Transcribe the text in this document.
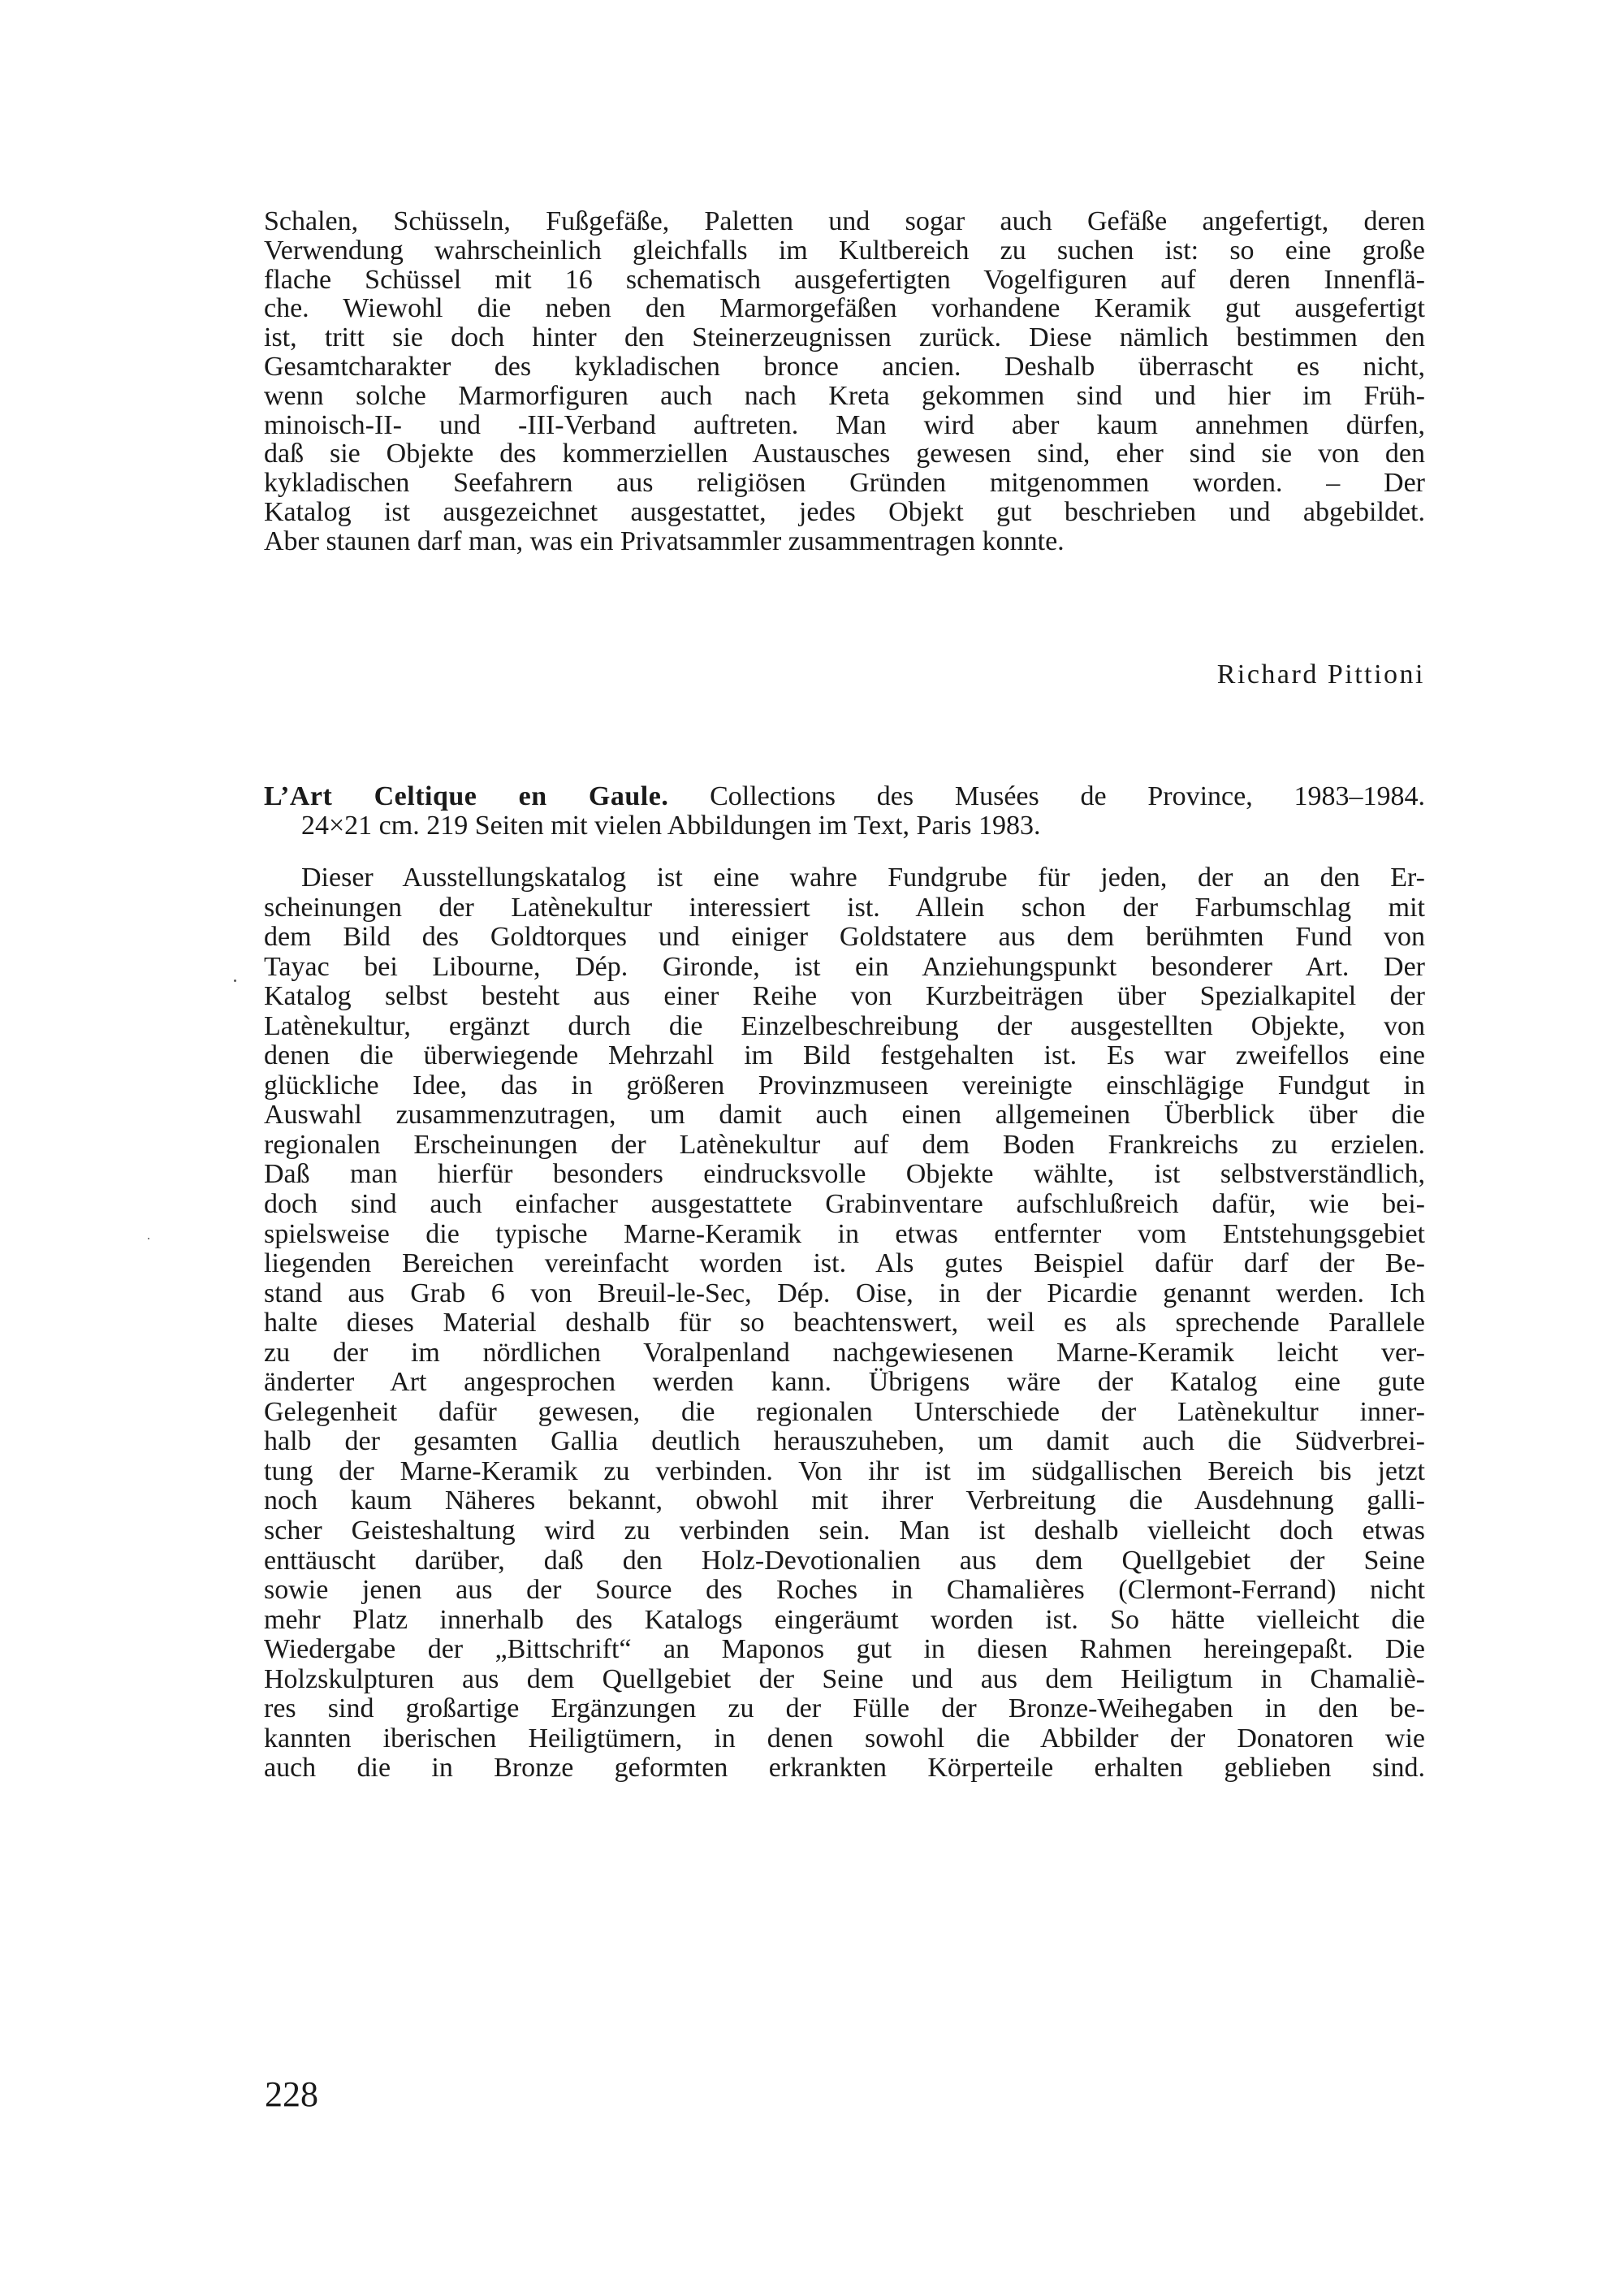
Schalen, Schüsseln, Fußgefäße, Paletten und sogar auch Gefäße angefertigt, deren
Verwendung wahrscheinlich gleichfalls im Kultbereich zu suchen ist: so eine große
flache Schüssel mit 16 schematisch ausgefertigten Vogelfiguren auf deren Innenflä-
che. Wiewohl die neben den Marmorgefäßen vorhandene Keramik gut ausgefertigt
ist, tritt sie doch hinter den Steinerzeugnissen zurück. Diese nämlich bestimmen den
Gesamtcharakter des kykladischen bronce ancien. Deshalb überrascht es nicht,
wenn solche Marmorfiguren auch nach Kreta gekommen sind und hier im Früh-
minoisch-II- und -III-Verband auftreten. Man wird aber kaum annehmen dürfen,
daß sie Objekte des kommerziellen Austausches gewesen sind, eher sind sie von den
kykladischen Seefahrern aus religiösen Gründen mitgenommen worden. – Der
Katalog ist ausgezeichnet ausgestattet, jedes Objekt gut beschrieben und abgebildet.
Aber staunen darf man, was ein Privatsammler zusammentragen konnte.
Richard Pittioni
L’Art Celtique en Gaule. Collections des Musées de Province, 1983–1984.
24×21 cm. 219 Seiten mit vielen Abbildungen im Text, Paris 1983.
Dieser Ausstellungskatalog ist eine wahre Fundgrube für jeden, der an den Er-
scheinungen der Latènekultur interessiert ist. Allein schon der Farbumschlag mit
dem Bild des Goldtorques und einiger Goldstatere aus dem berühmten Fund von
Tayac bei Libourne, Dép. Gironde, ist ein Anziehungspunkt besonderer Art. Der
Katalog selbst besteht aus einer Reihe von Kurzbeiträgen über Spezialkapitel der
Latènekultur, ergänzt durch die Einzelbeschreibung der ausgestellten Objekte, von
denen die überwiegende Mehrzahl im Bild festgehalten ist. Es war zweifellos eine
glückliche Idee, das in größeren Provinzmuseen vereinigte einschlägige Fundgut in
Auswahl zusammenzutragen, um damit auch einen allgemeinen Überblick über die
regionalen Erscheinungen der Latènekultur auf dem Boden Frankreichs zu erzielen.
Daß man hierfür besonders eindrucksvolle Objekte wählte, ist selbstverständlich,
doch sind auch einfacher ausgestattete Grabinventare aufschlußreich dafür, wie bei-
spielsweise die typische Marne-Keramik in etwas entfernter vom Entstehungsgebiet
liegenden Bereichen vereinfacht worden ist. Als gutes Beispiel dafür darf der Be-
stand aus Grab 6 von Breuil-le-Sec, Dép. Oise, in der Picardie genannt werden. Ich
halte dieses Material deshalb für so beachtenswert, weil es als sprechende Parallele
zu der im nördlichen Voralpenland nachgewiesenen Marne-Keramik leicht ver-
änderter Art angesprochen werden kann. Übrigens wäre der Katalog eine gute
Gelegenheit dafür gewesen, die regionalen Unterschiede der Latènekultur inner-
halb der gesamten Gallia deutlich herauszuheben, um damit auch die Südverbrei-
tung der Marne-Keramik zu verbinden. Von ihr ist im südgallischen Bereich bis jetzt
noch kaum Näheres bekannt, obwohl mit ihrer Verbreitung die Ausdehnung galli-
scher Geisteshaltung wird zu verbinden sein. Man ist deshalb vielleicht doch etwas
enttäuscht darüber, daß den Holz-Devotionalien aus dem Quellgebiet der Seine
sowie jenen aus der Source des Roches in Chamalières (Clermont-Ferrand) nicht
mehr Platz innerhalb des Katalogs eingeräumt worden ist. So hätte vielleicht die
Wiedergabe der „Bittschrift“ an Maponos gut in diesen Rahmen hereingepaßt. Die
Holzskulpturen aus dem Quellgebiet der Seine und aus dem Heiligtum in Chamaliè-
res sind großartige Ergänzungen zu der Fülle der Bronze-Weihegaben in den be-
kannten iberischen Heiligtümern, in denen sowohl die Abbilder der Donatoren wie
auch die in Bronze geformten erkrankten Körperteile erhalten geblieben sind.
228
